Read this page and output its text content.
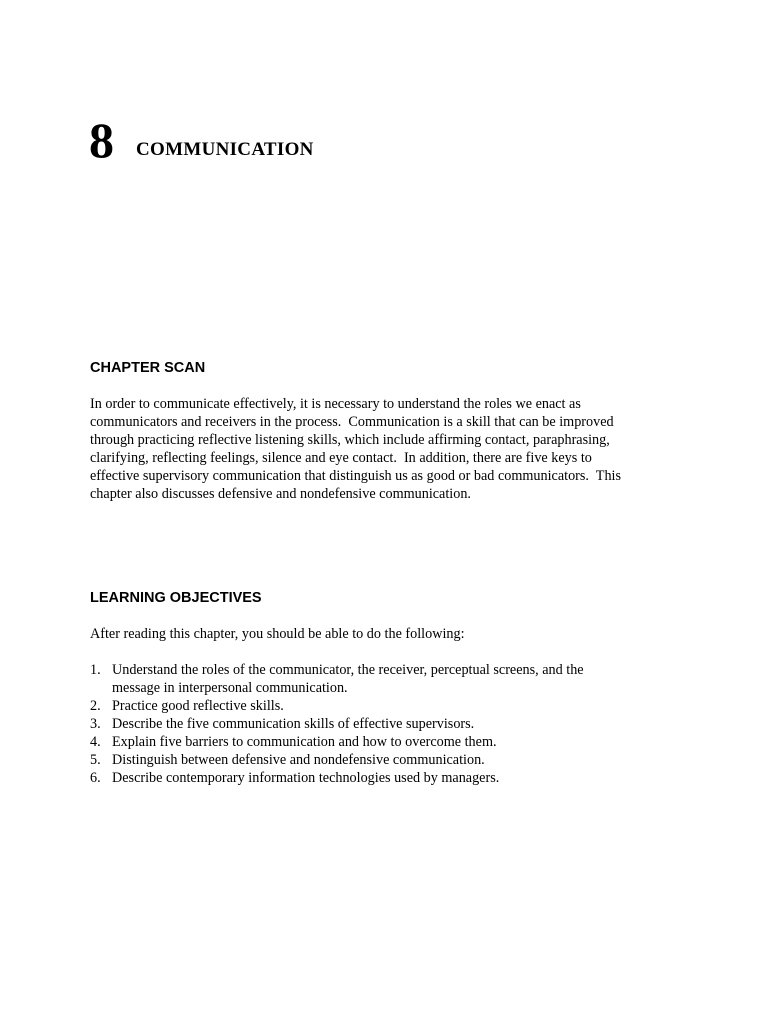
8 COMMUNICATION
CHAPTER SCAN
In order to communicate effectively, it is necessary to understand the roles we enact as
communicators and receivers in the process.  Communication is a skill that can be improved
through practicing reflective listening skills, which include affirming contact, paraphrasing,
clarifying, reflecting feelings, silence and eye contact.  In addition, there are five keys to
effective supervisory communication that distinguish us as good or bad communicators.  This
chapter also discusses defensive and nondefensive communication.
LEARNING OBJECTIVES
After reading this chapter, you should be able to do the following:
1. Understand the roles of the communicator, the receiver, perceptual screens, and the
message in interpersonal communication.
2. Practice good reflective skills.
3. Describe the five communication skills of effective supervisors.
4. Explain five barriers to communication and how to overcome them.
5. Distinguish between defensive and nondefensive communication.
6. Describe contemporary information technologies used by managers.
